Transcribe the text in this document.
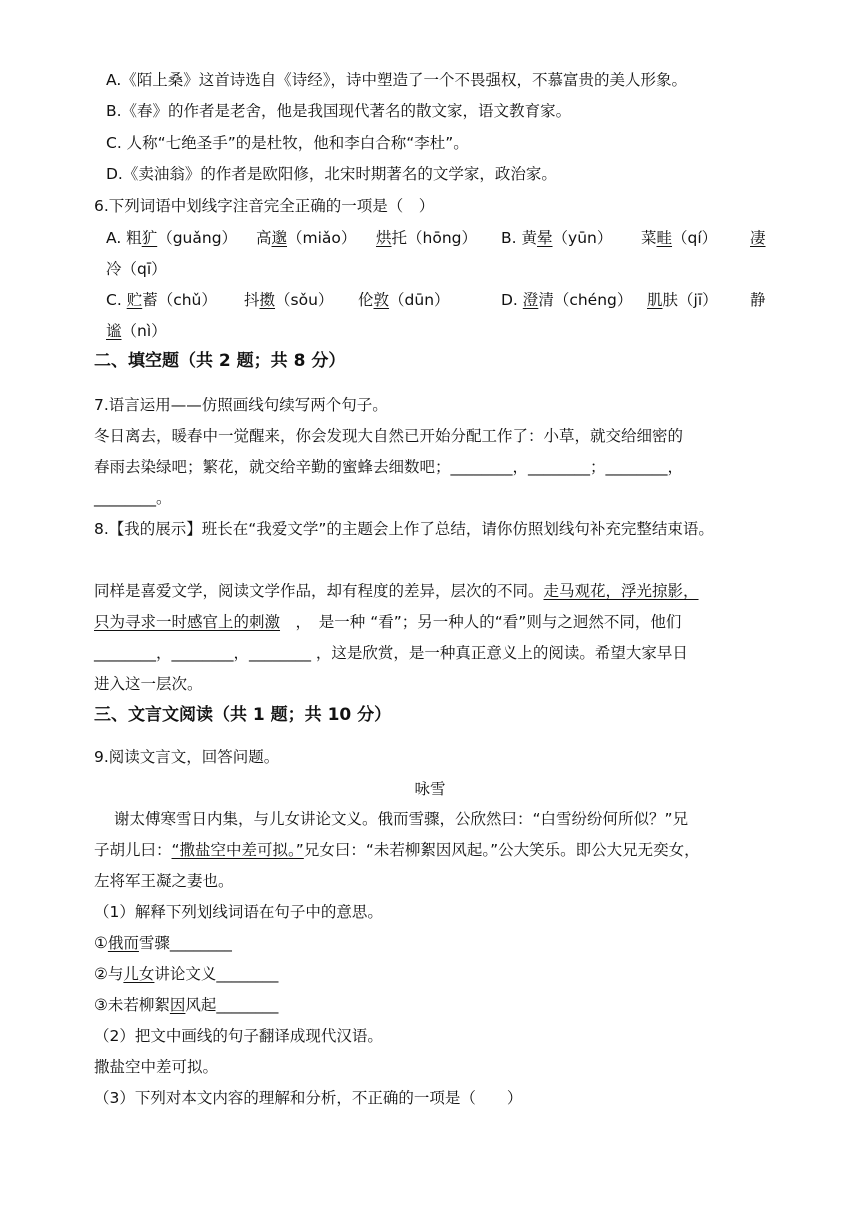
A.《陌上桑》这首诗选自《诗经》，诗中塑造了一个不畏强权，不慕富贵的美人形象。
B.《春》的作者是老舍，他是我国现代著名的散文家，语文教育家。
C. 人称“七绝圣手”的是杜牧，他和李白合称“李杜”。
D.《卖油翁》的作者是欧阳修，北宋时期著名的文学家，政治家。
6.下列词语中划线字注音完全正确的一项是（　）
A. 粗犷（guǎng） 高邈（miǎo） 烘托（hōng） B. 黄晕（yūn） 菜畦（qí） 凄
冷（qī）
C. 贮蓄（chǔ） 抖擞（sǒu） 伦敦（dūn）	D. 澄清（chéng） 肌肤（jī） 静
谧（nì）
二、填空题（共 2 题；共 8 分）
7.语言运用——仿照画线句续写两个句子。
冬日离去，暖春中一觉醒来，你会发现大自然已开始分配工作了：小草，就交给细密的
春雨去染绿吧；繁花，就交给辛勤的蜜蜂去细数吧；________，________；________，
________。
8.【我的展示】班长在“我爱文学”的主题会上作了总结，请你仿照划线句补充完整结束语。
同样是喜爱文学，阅读文学作品，却有程度的差异，层次的不同。走马观花，浮光掠影，
只为寻求一时感官上的刺激　，　是一种 “看”；另一种人的“看”则与之迥然不同，他们
________，________，________ ，这是欣赏，是一种真正意义上的阅读。希望大家早日
进入这一层次。
三、文言文阅读（共 1 题；共 10 分）
9.阅读文言文，回答问题。
咏雪
谢太傅寒雪日内集，与儿女讲论文义。俄而雪骤，公欣然曰：“白雪纷纷何所似？”兄
子胡儿曰：“撒盐空中差可拟。”兄女曰：“未若柳絮因风起。”公大笑乐。即公大兄无奕女，
左将军王凝之妻也。
（1）解释下列划线词语在句子中的意思。
①俄而雪骤________
②与儿女讲论文义________
③未若柳絮因风起________
（2）把文中画线的句子翻译成现代汉语。
撒盐空中差可拟。
（3）下列对本文内容的理解和分析，不正确的一项是（　　）
